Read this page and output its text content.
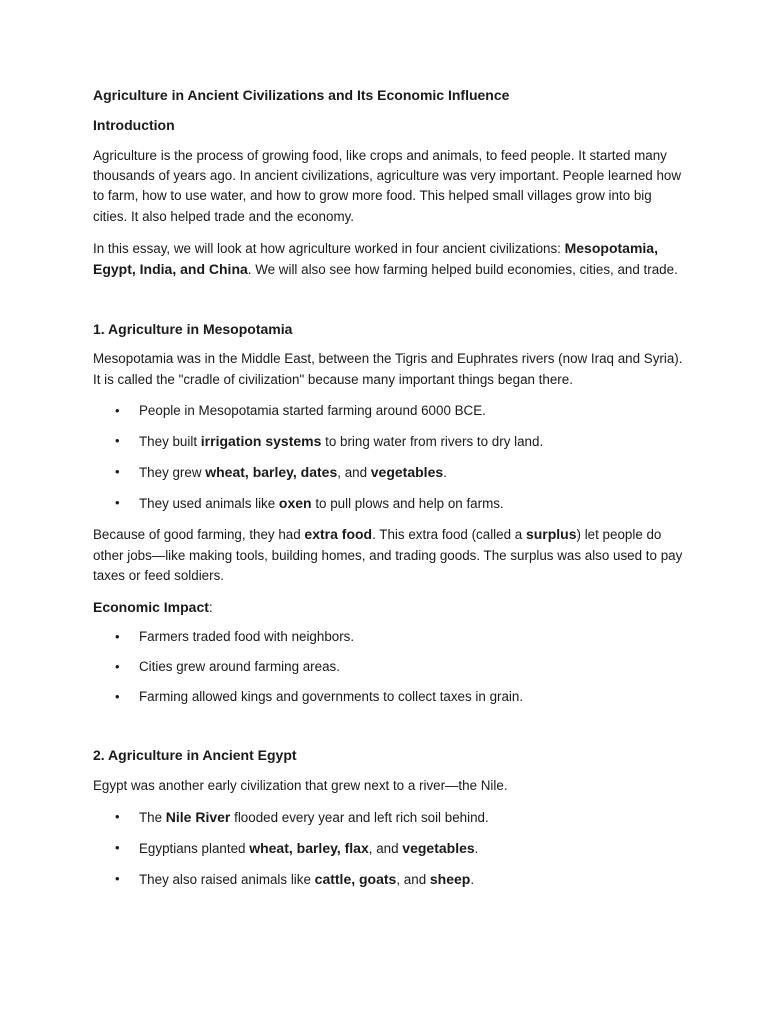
Agriculture in Ancient Civilizations and Its Economic Influence
Introduction

Agriculture is the process of growing food, like crops and animals, to feed people. It started many thousands of years ago. In ancient civilizations, agriculture was very important. People learned how to farm, how to use water, and how to grow more food. This helped small villages grow into big cities. It also helped trade and the economy.

In this essay, we will look at how agriculture worked in four ancient civilizations: Mesopotamia, Egypt, India, and China. We will also see how farming helped build economies, cities, and trade.

1. Agriculture in Mesopotamia

Mesopotamia was in the Middle East, between the Tigris and Euphrates rivers (now Iraq and Syria). It is called the "cradle of civilization" because many important things began there.

• People in Mesopotamia started farming around 6000 BCE.
• They built irrigation systems to bring water from rivers to dry land.
• They grew wheat, barley, dates, and vegetables.
• They used animals like oxen to pull plows and help on farms.

Because of good farming, they had extra food. This extra food (called a surplus) let people do other jobs—like making tools, building homes, and trading goods. The surplus was also used to pay taxes or feed soldiers.

Economic Impact:
• Farmers traded food with neighbors.
• Cities grew around farming areas.
• Farming allowed kings and governments to collect taxes in grain.
2. Agriculture in Ancient Egypt

Egypt was another early civilization that grew next to a river—the Nile.

• The Nile River flooded every year and left rich soil behind.
• Egyptians planted wheat, barley, flax, and vegetables.
• They also raised animals like cattle, goats, and sheep.
